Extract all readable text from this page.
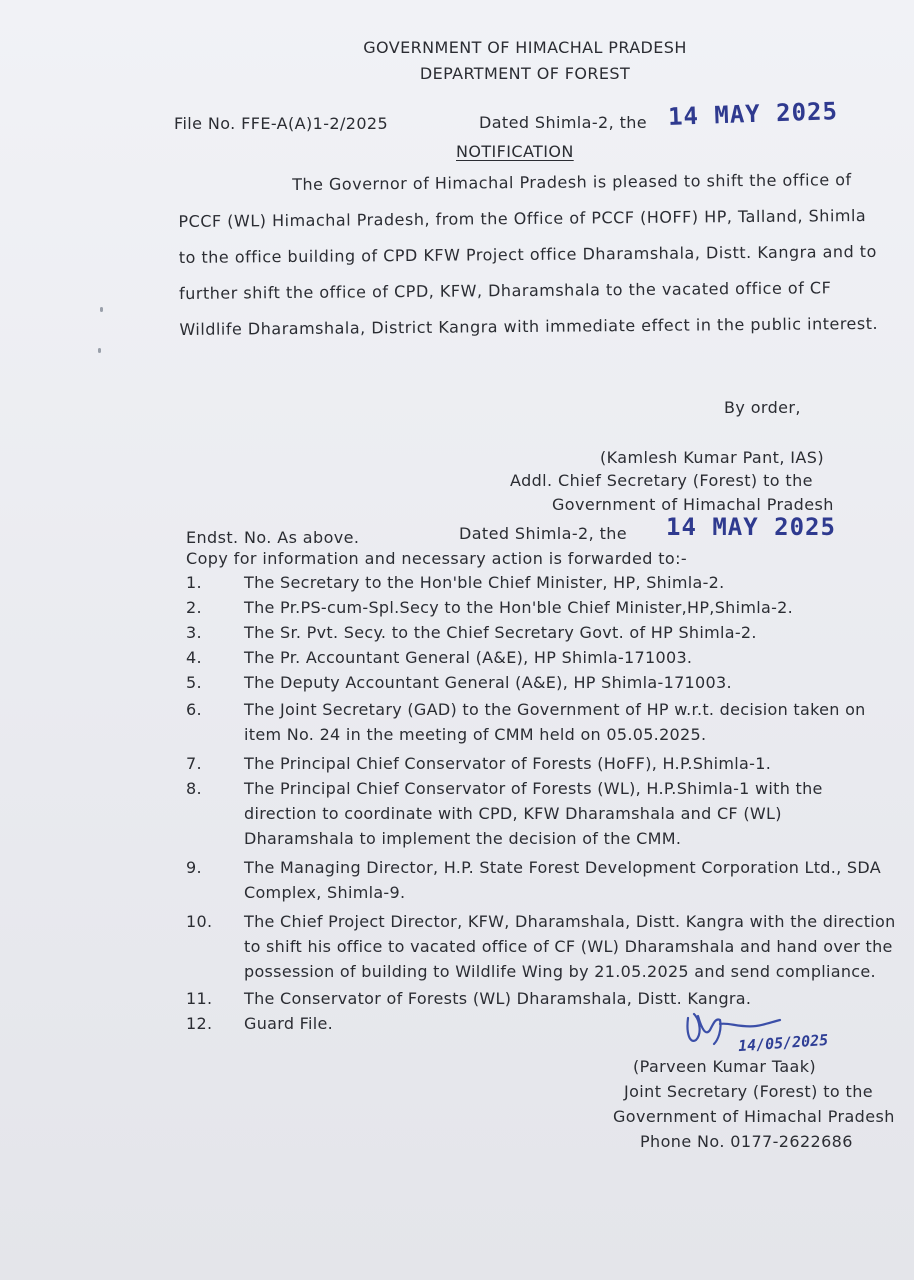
GOVERNMENT OF HIMACHAL PRADESH
DEPARTMENT OF FOREST
File No. FFE-A(A)1-2/2025	Dated Shimla-2, the 14 MAY 2025
NOTIFICATION

The Governor of Himachal Pradesh is pleased to shift the office of PCCF (WL) Himachal Pradesh, from the Office of PCCF (HOFF) HP, Talland, Shimla to the office building of CPD KFW Project office Dharamshala, Distt. Kangra and to further shift the office of CPD, KFW, Dharamshala to the vacated office of CF Wildlife Dharamshala, District Kangra with immediate effect in the public interest.

By order,
(Kamlesh Kumar Pant, IAS)
Addl. Chief Secretary (Forest) to the
Government of Himachal Pradesh
Endst. No. As above.	Dated Shimla-2, the 14 MAY 2025
Copy for information and necessary action is forwarded to:-
1.	The Secretary to the Hon'ble Chief Minister, HP, Shimla-2.
2.	The Pr.PS-cum-Spl.Secy to the Hon'ble Chief Minister,HP,Shimla-2.
3.	The Sr. Pvt. Secy. to the Chief Secretary Govt. of HP Shimla-2.
4.	The Pr. Accountant General (A&E), HP Shimla-171003.
5.	The Deputy Accountant General (A&E), HP Shimla-171003.
6.	The Joint Secretary (GAD) to the Government of HP w.r.t. decision taken on item No. 24 in the meeting of CMM held on 05.05.2025.
7.	The Principal Chief Conservator of Forests (HoFF), H.P.Shimla-1.
8.	The Principal Chief Conservator of Forests (WL), H.P.Shimla-1 with the direction to coordinate with CPD, KFW Dharamshala and CF (WL) Dharamshala to implement the decision of the CMM.
9.	The Managing Director, H.P. State Forest Development Corporation Ltd., SDA Complex, Shimla-9.
10.	The Chief Project Director, KFW, Dharamshala, Distt. Kangra with the direction to shift his office to vacated office of CF (WL) Dharamshala and hand over the possession of building to Wildlife Wing by 21.05.2025 and send compliance.
11.	The Conservator of Forests (WL) Dharamshala, Distt. Kangra.
12.	Guard File.
14/05/2025
(Parveen Kumar Taak)
Joint Secretary (Forest) to the
Government of Himachal Pradesh
Phone No. 0177-2622686
